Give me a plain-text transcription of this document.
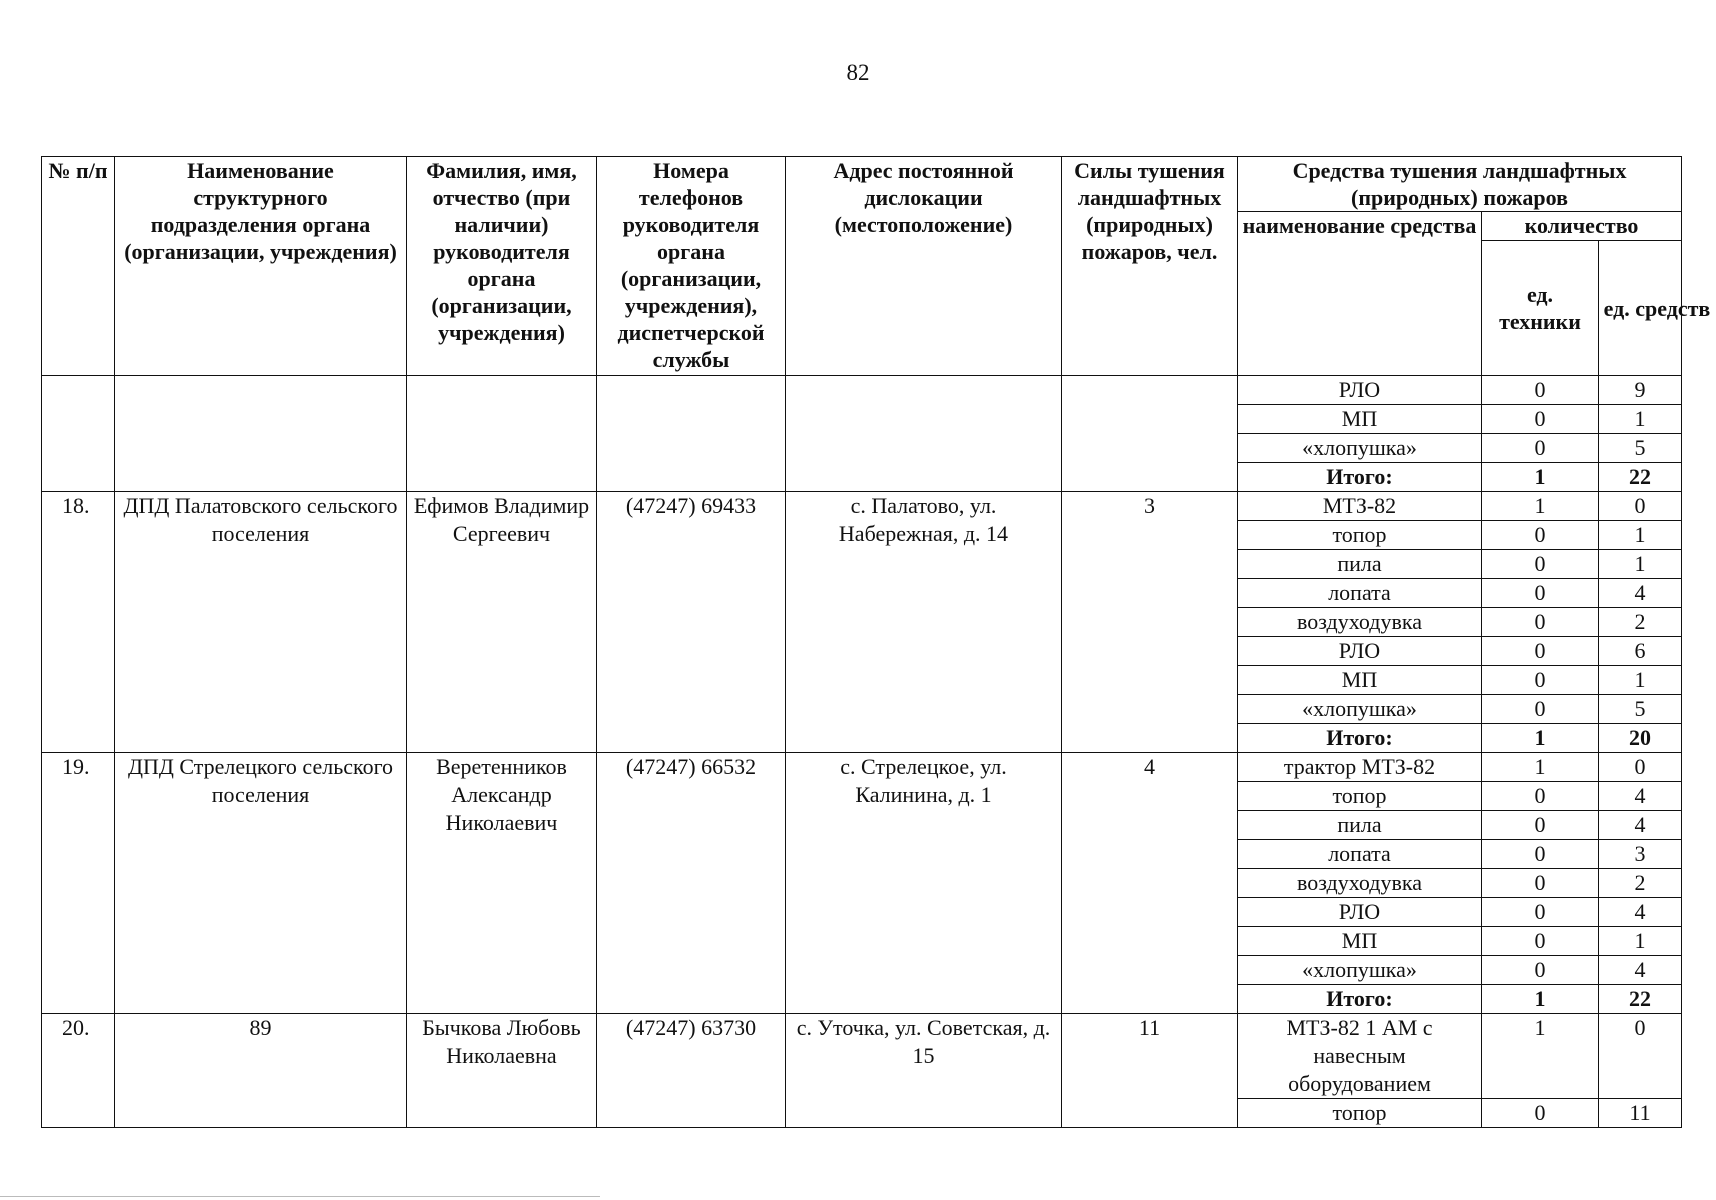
82
№ п/п	Наименование структурного подразделения органа (организации, учреждения)	Фамилия, имя, отчество (при наличии) руководителя органа (организации, учреждения)	Номера телефонов руководителя органа (организации, учреждения), диспетчерской службы	Адрес постоянной дислокации (местоположение)	Силы тушения ландшафтных (природных) пожаров, чел.	Средства тушения ландшафтных (природных) пожаров		
						наименование средства	количество	
							ед. техники	ед. средств

						РЛО	0	9
						МП	0	1
						«хлопушка»	0	5
						Итого:	1	22
18.	ДПД Палатовского сельского поселения	Ефимов Владимир Сергеевич	(47247) 69433	с. Палатово, ул. Набережная, д. 14	3	МТЗ-82	1	0
						топор	0	1
						пила	0	1
						лопата	0	4
						воздуходувка	0	2
						РЛО	0	6
						МП	0	1
						«хлопушка»	0	5
						Итого:	1	20
19.	ДПД Стрелецкого сельского поселения	Веретенников Александр Николаевич	(47247) 66532	с. Стрелецкое, ул. Калинина, д. 1	4	трактор МТЗ-82	1	0
						топор	0	4
						пила	0	4
						лопата	0	3
						воздуходувка	0	2
						РЛО	0	4
						МП	0	1
						«хлопушка»	0	4
						Итого:	1	22
20.	89	Бычкова Любовь Николаевна	(47247) 63730	с. Уточка, ул. Советская, д. 15	11	МТЗ-82 1 АМ с навесным оборудованием	1	0
						топор	0	11
